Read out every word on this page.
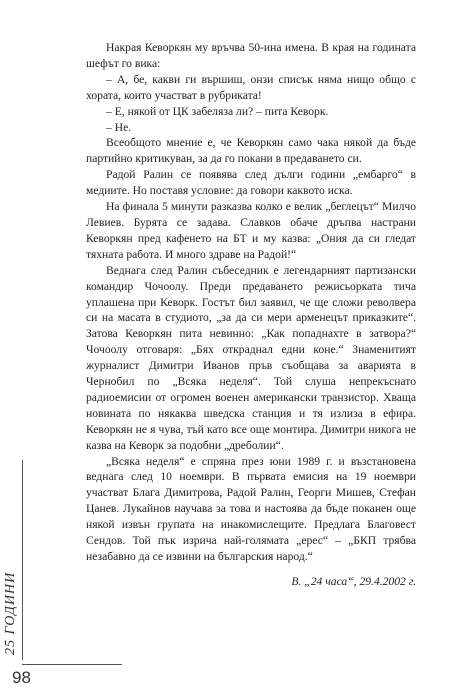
Накрая Кеворкян му връчва 50-ина имена. В края на годината шефът го вика:

– А, бе, какви ги вършиш, онзи списък няма нищо общо с хората, които участват в рубриката!

– Е, някой от ЦК забеляза ли? – пита Кеворк.

– Не.

Всеобщото мнение е, че Кеворкян само чака някой да бъде партийно критикуван, за да го покани в предаването си.

Радой Ралин се появява след дълги години „ембарго“ в медиите. Но поставя условие: да говори каквото иска.

На финала 5 минути разказва колко е велик „беглецът“ Милчо Левиев. Бурята се задава. Славков обаче дръпва настрани Кеворкян пред кафенето на БТ и му казва: „Ония да си гледат тяхната работа. И много здраве на Радой!“

Веднага след Ралин събеседник е легендарният партизански командир Чочоолу. Преди предаването режисьорката тича уплашена при Кеворк. Гостът бил заявил, че ще сложи револвера си на масата в студиото, „за да си мери арменецът приказките“. Затова Кеворкян пита невинно: „Как попаднахте в затвора?“ Чочоолу отговаря: „Бях откраднал едни коне.“ Знаменитият журналист Димитри Иванов пръв съобщава за аварията в Чернобил по „Всяка неделя“. Той слуша непрекъснато радиоемисии от огромен военен американски транзистор. Хваща новината по някаква шведска станция и тя излиза в ефира. Кеворкян не я чува, тъй като все още монтира. Димитри никога не казва на Кеворк за подобни „дреболии“.

„Всяка неделя“ е спряна през юни 1989 г. и възстановена веднага след 10 ноември. В първата емисия на 19 ноември участват Блага Димитрова, Радой Ралин, Георги Мишев, Стефан Цанев. Лукайнов научава за това и настоява да бъде поканен още някой извън групата на инакомислещите. Предлага Благовест Сендов. Той пък изрича най-голямата „ерес“ – „БКП трябва незабавно да се извини на българския народ.“

В. „24 часа“, 29.4.2002 г.
25 ГОДИНИ
98
